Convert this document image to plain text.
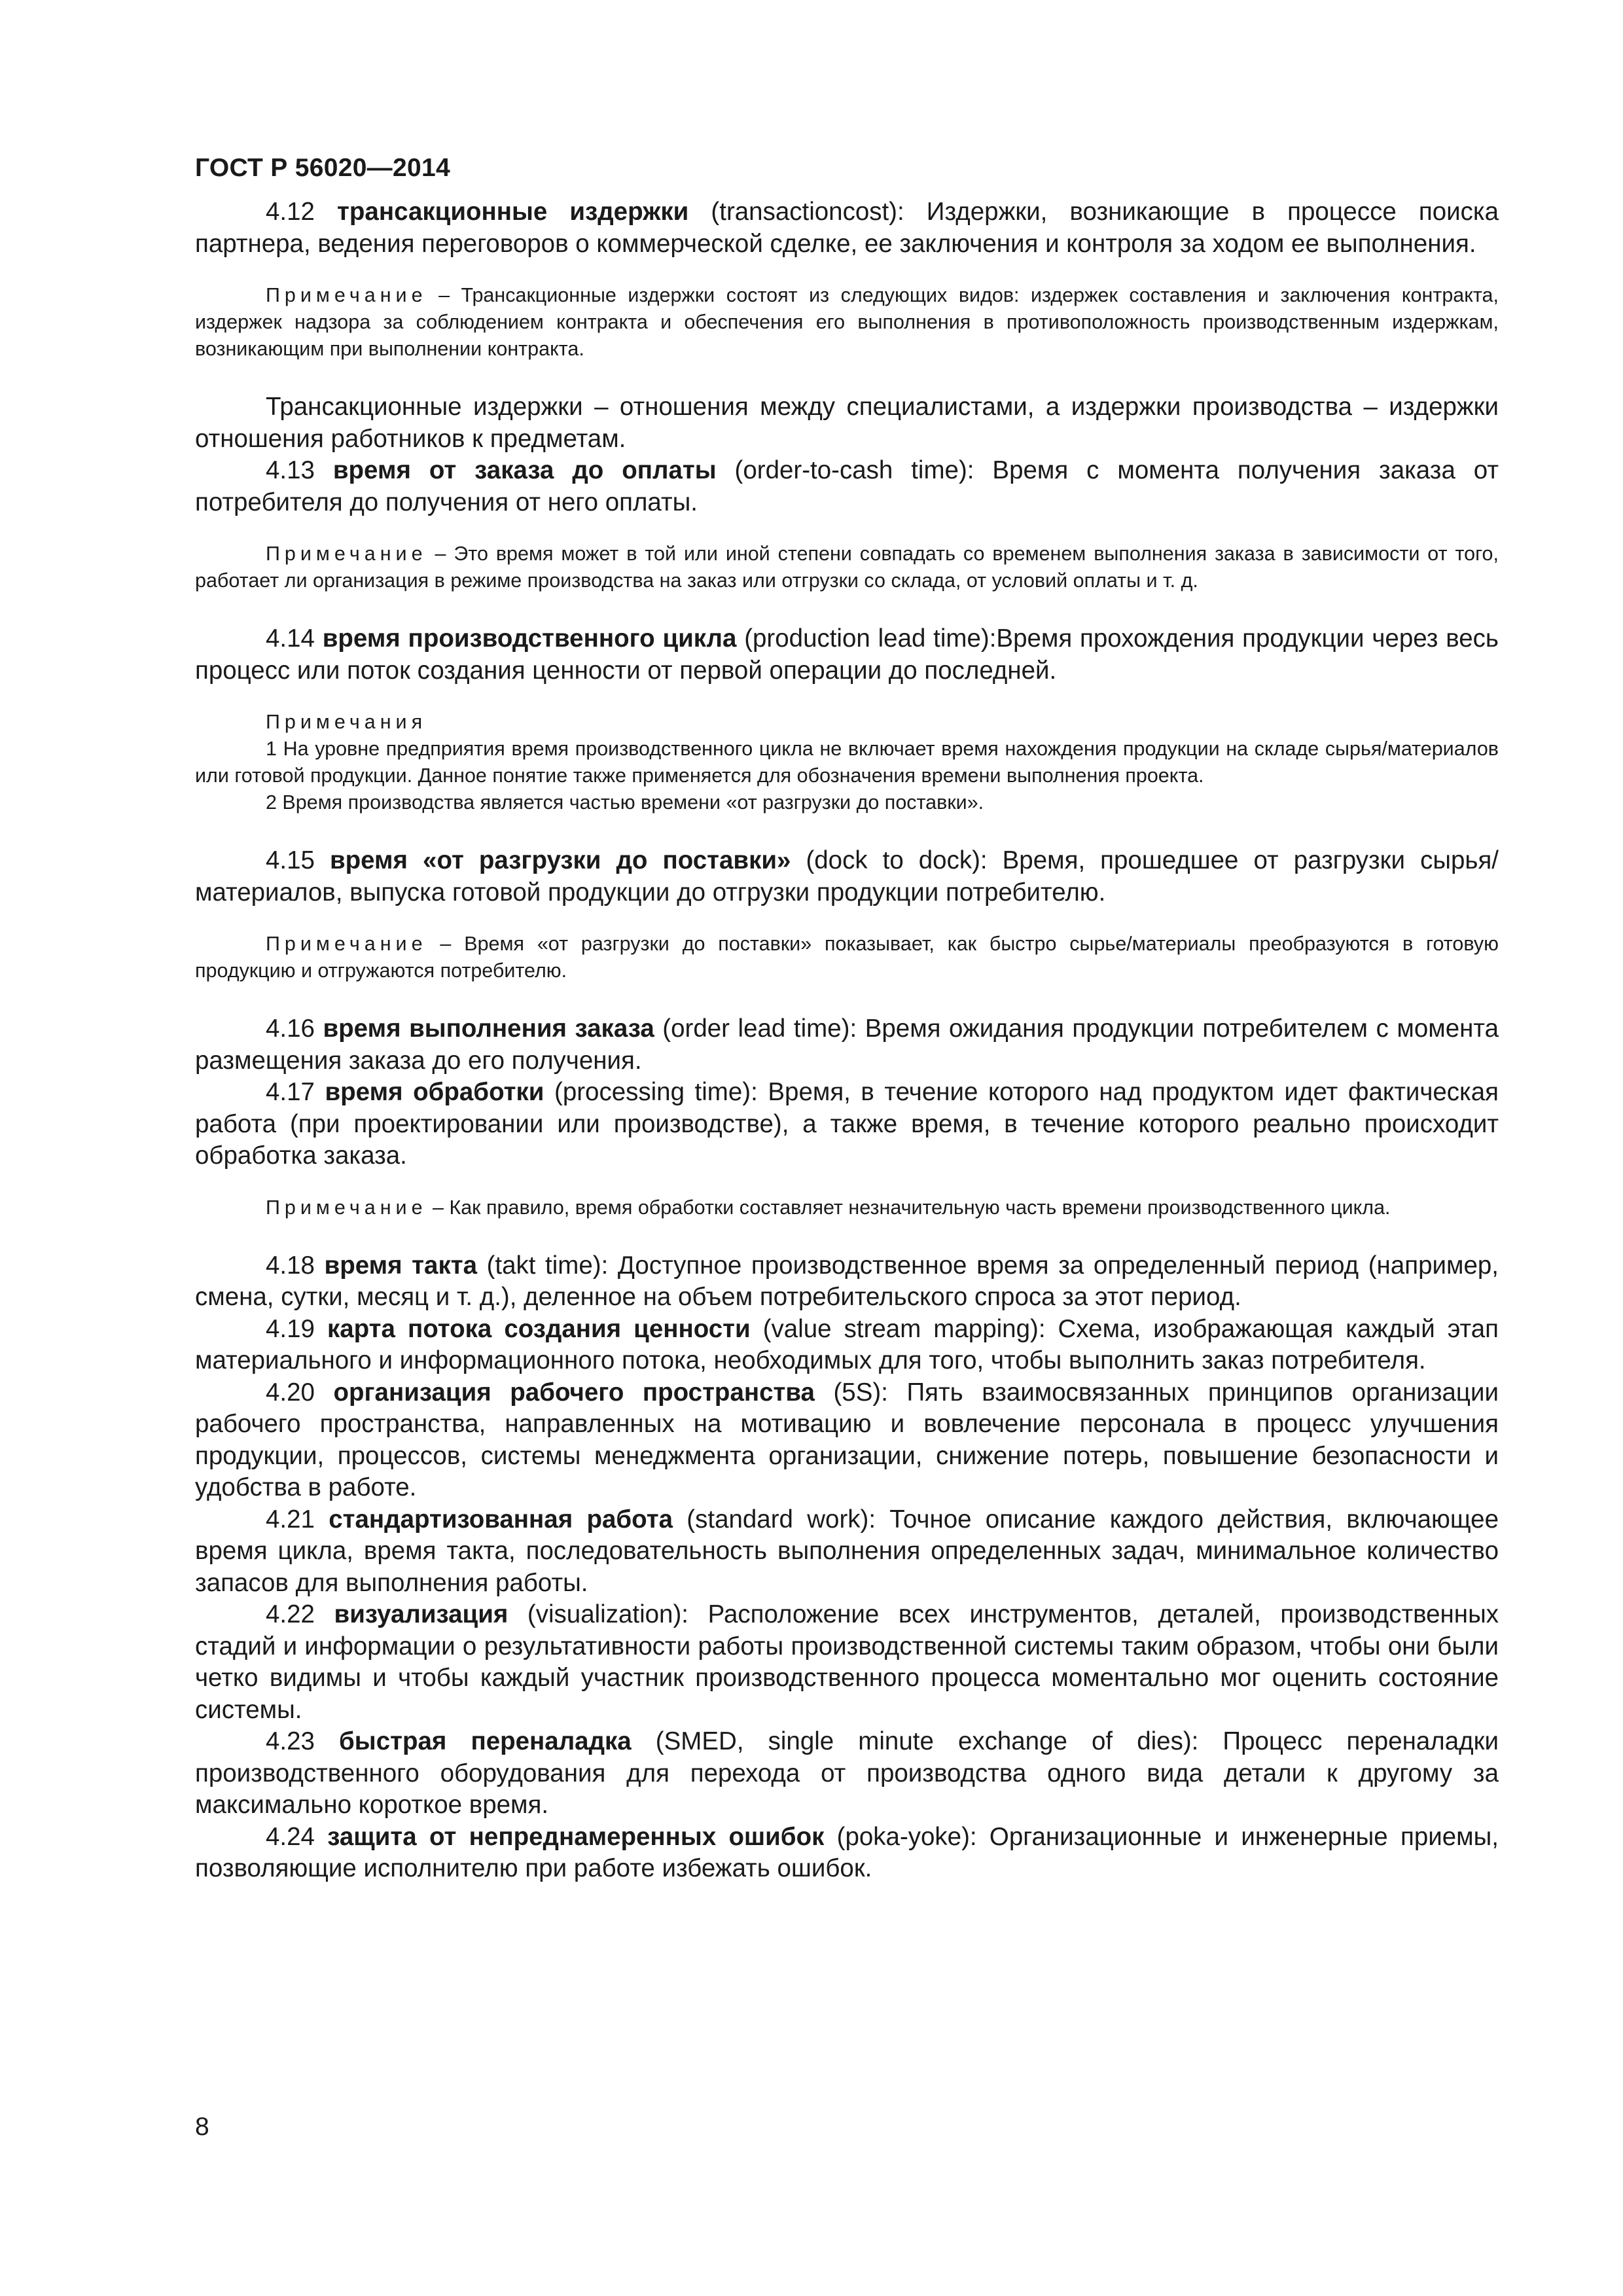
ГОСТ Р 56020—2014

4.12 трансакционные издержки (transactioncost): Издержки, возникающие в процессе поиска партнера, ведения переговоров о коммерческой сделке, ее заключения и контроля за ходом ее выполнения.

Примечание – Трансакционные издержки состоят из следующих видов: издержек составления и заключения контракта, издержек надзора за соблюдением контракта и обеспечения его выполнения в противоположность производственным издержкам, возникающим при выполнении контракта.

Трансакционные издержки – отношения между специалистами, а издержки производства – издержки отношения работников к предметам.

4.13 время от заказа до оплаты (order-to-cash time): Время с момента получения заказа от потребителя до получения от него оплаты.

Примечание – Это время может в той или иной степени совпадать со временем выполнения заказа в зависимости от того, работает ли организация в режиме производства на заказ или отгрузки со склада, от условий оплаты и т. д.

4.14 время производственного цикла (production lead time):Время прохождения продукции через весь процесс или поток создания ценности от первой операции до последней.

Примечания

1 На уровне предприятия время производственного цикла не включает время нахождения продукции на складе сырья/материалов или готовой продукции. Данное понятие также применяется для обозначения времени выполнения проекта.

2 Время производства является частью времени «от разгрузки до поставки».

4.15 время «от разгрузки до поставки» (dock to dock): Время, прошедшее от разгрузки сырья/материалов, выпуска готовой продукции до отгрузки продукции потребителю.

Примечание – Время «от разгрузки до поставки» показывает, как быстро сырье/материалы преобразуются в готовую продукцию и отгружаются потребителю.

4.16 время выполнения заказа (order lead time): Время ожидания продукции потребителем с момента размещения заказа до его получения.

4.17 время обработки (processing time): Время, в течение которого над продуктом идет фактическая работа (при проектировании или производстве), а также время, в течение которого реально происходит обработка заказа.

Примечание – Как правило, время обработки составляет незначительную часть времени производственного цикла.

4.18 время такта (takt time): Доступное производственное время за определенный период (например, смена, сутки, месяц и т. д.), деленное на объем потребительского спроса за этот период.

4.19 карта потока создания ценности (value stream mapping): Схема, изображающая каждый этап материального и информационного потока, необходимых для того, чтобы выполнить заказ потребителя.

4.20 организация рабочего пространства (5S): Пять взаимосвязанных принципов организации рабочего пространства, направленных на мотивацию и вовлечение персонала в процесс улучшения продукции, процессов, системы менеджмента организации, снижение потерь, повышение безопасности и удобства в работе.

4.21 стандартизованная работа (standard work): Точное описание каждого действия, включающее время цикла, время такта, последовательность выполнения определенных задач, минимальное количество запасов для выполнения работы.

4.22 визуализация (visualization): Расположение всех инструментов, деталей, производственных стадий и информации о результативности работы производственной системы таким образом, чтобы они были четко видимы и чтобы каждый участник производственного процесса моментально мог оценить состояние системы.

4.23 быстрая переналадка (SMED, single minute exchange of dies): Процесс переналадки производственного оборудования для перехода от производства одного вида детали к другому за максимально короткое время.

4.24 защита от непреднамеренных ошибок (poka-yoke): Организационные и инженерные приемы, позволяющие исполнителю при работе избежать ошибок.

8
